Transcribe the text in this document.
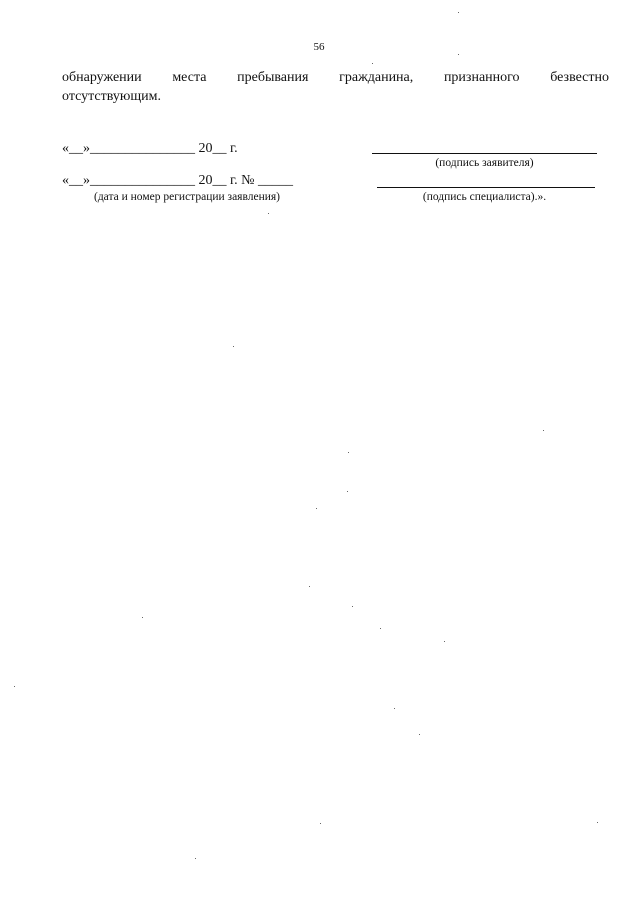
56
обнаружении места пребывания гражданина, признанного безвестно
отсутствующим.
«__»_______________ 20__ г.
(подпись заявителя)
«__»_______________ 20__ г. № _____
(дата и номер регистрации заявления)	(подпись специалиста).».
